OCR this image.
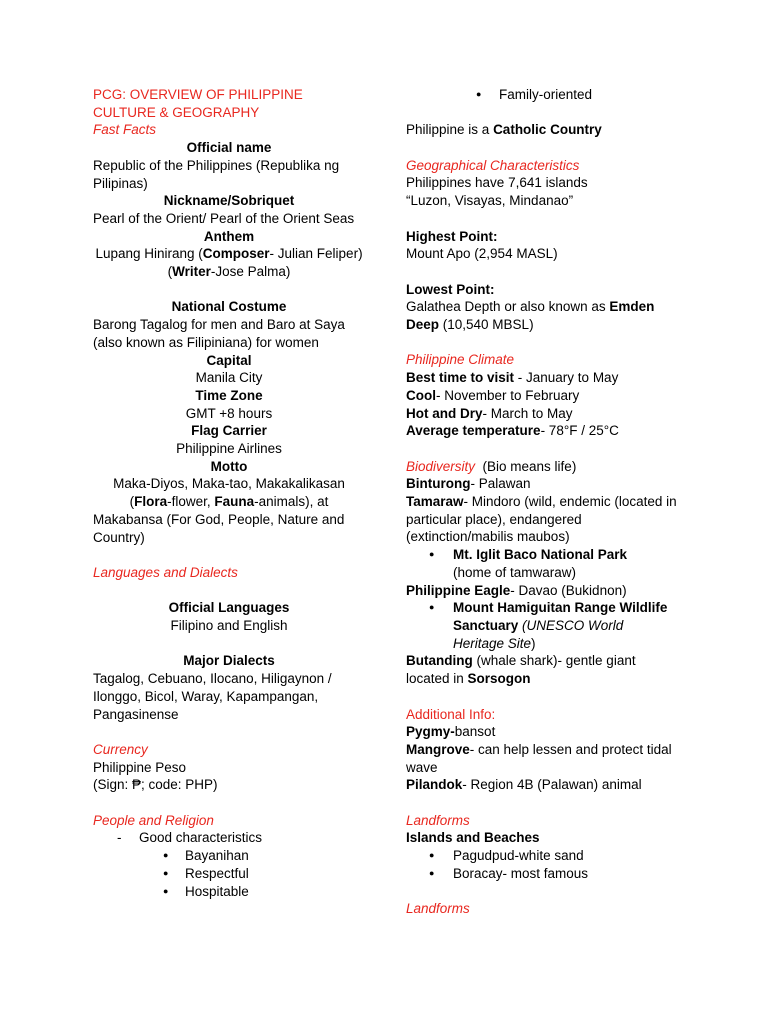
PCG: OVERVIEW OF PHILIPPINE CULTURE & GEOGRAPHY
Fast Facts
Official name
Republic of the Philippines (Republika ng Pilipinas)
Nickname/Sobriquet
Pearl of the Orient/ Pearl of the Orient Seas
Anthem
Lupang Hinirang (Composer- Julian Feliper) (Writer-Jose Palma)
National Costume
Barong Tagalog for men and Baro at Saya (also known as Filipiniana) for women
Capital
Manila City
Time Zone
GMT +8 hours
Flag Carrier
Philippine Airlines
Motto
Maka-Diyos, Maka-tao, Makakalikasan (Flora-flower, Fauna-animals), at
Makabansa (For God, People, Nature and Country)
Languages and Dialects
Official Languages
Filipino and English
Major Dialects
Tagalog, Cebuano, Ilocano, Hiligaynon / Ilonggo, Bicol, Waray, Kapampangan, Pangasinense
Currency
Philippine Peso
(Sign: ₱; code: PHP)
People and Religion
- Good characteristics
● Bayanihan
● Respectful
● Hospitable
● Family-oriented
Philippine is a Catholic Country
Geographical Characteristics
Philippines have 7,641 islands
“Luzon, Visayas, Mindanao”
Highest Point:
Mount Apo (2,954 MASL)
Lowest Point:
Galathea Depth or also known as Emden Deep (10,540 MBSL)
Philippine Climate
Best time to visit - January to May
Cool- November to February
Hot and Dry- March to May
Average temperature- 78°F / 25°C
Biodiversity  (Bio means life)
Binturong- Palawan
Tamaraw- Mindoro (wild, endemic (located in particular place), endangered (extinction/mabilis maubos)
● Mt. Iglit Baco National Park
(home of tamwaraw)
Philippine Eagle- Davao (Bukidnon)
● Mount Hamiguitan Range Wildlife Sanctuary (UNESCO World Heritage Site)
Butanding (whale shark)- gentle giant located in Sorsogon
Additional Info:
Pygmy-bansot
Mangrove- can help lessen and protect tidal wave
Pilandok- Region 4B (Palawan) animal
Landforms
Islands and Beaches
● Pagudpud-white sand
● Boracay- most famous
Landforms
